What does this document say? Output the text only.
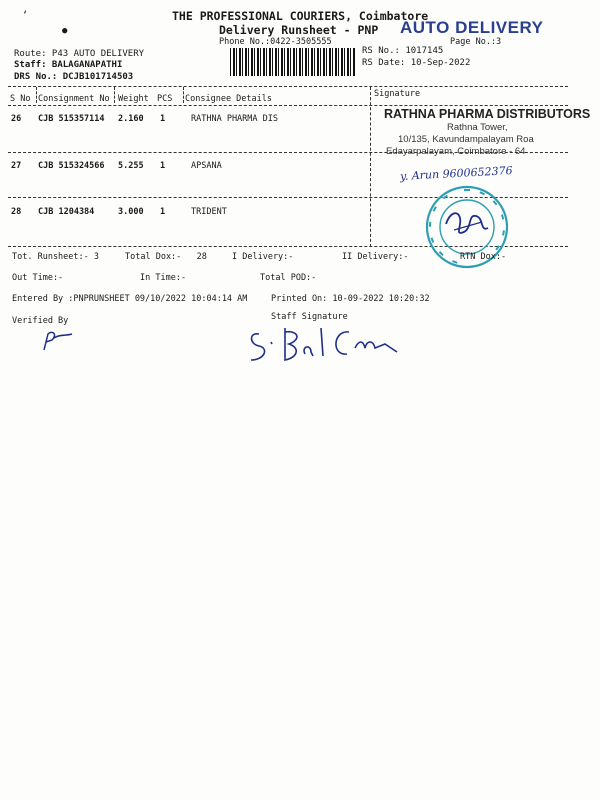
‘
●
THE PROFESSIONAL COURIERS, Coimbatore
Delivery Runsheet - PNP
Phone No.:0422-3505555
AUTO DELIVERY
Page No.:3
Route: P43 AUTO DELIVERY
Staff: BALAGANAPATHI
DRS No.: DCJB101714503
RS No.: 1017145
RS Date: 10-Sep-2022
S No Consignment No Weight PCS Consignee Details	Signature
26 CJB 515357114 2.160 1	RATHNA PHARMA DIS
27 CJB 515324566 5.255 1	APSANA
28 CJB 1204384	3.000 1	TRIDENT
RATHNA PHARMA DISTRIBUTORS
Rathna Tower,
10/135, Kavundampalayam Roa
Edayarpalayam, Coimbatore - 64
y. Arun 9600652376
Tot. Runsheet:- 3	Total Dox:-   28	I Delivery:-	II Delivery:-	RTN Dox:-
Out Time:-	In Time:-	Total POD:-
Entered By :PNPRUNSHEET 09/10/2022 10:04:14 AM	Printed On: 10-09-2022 10:20:32
Verified By	Staff Signature
